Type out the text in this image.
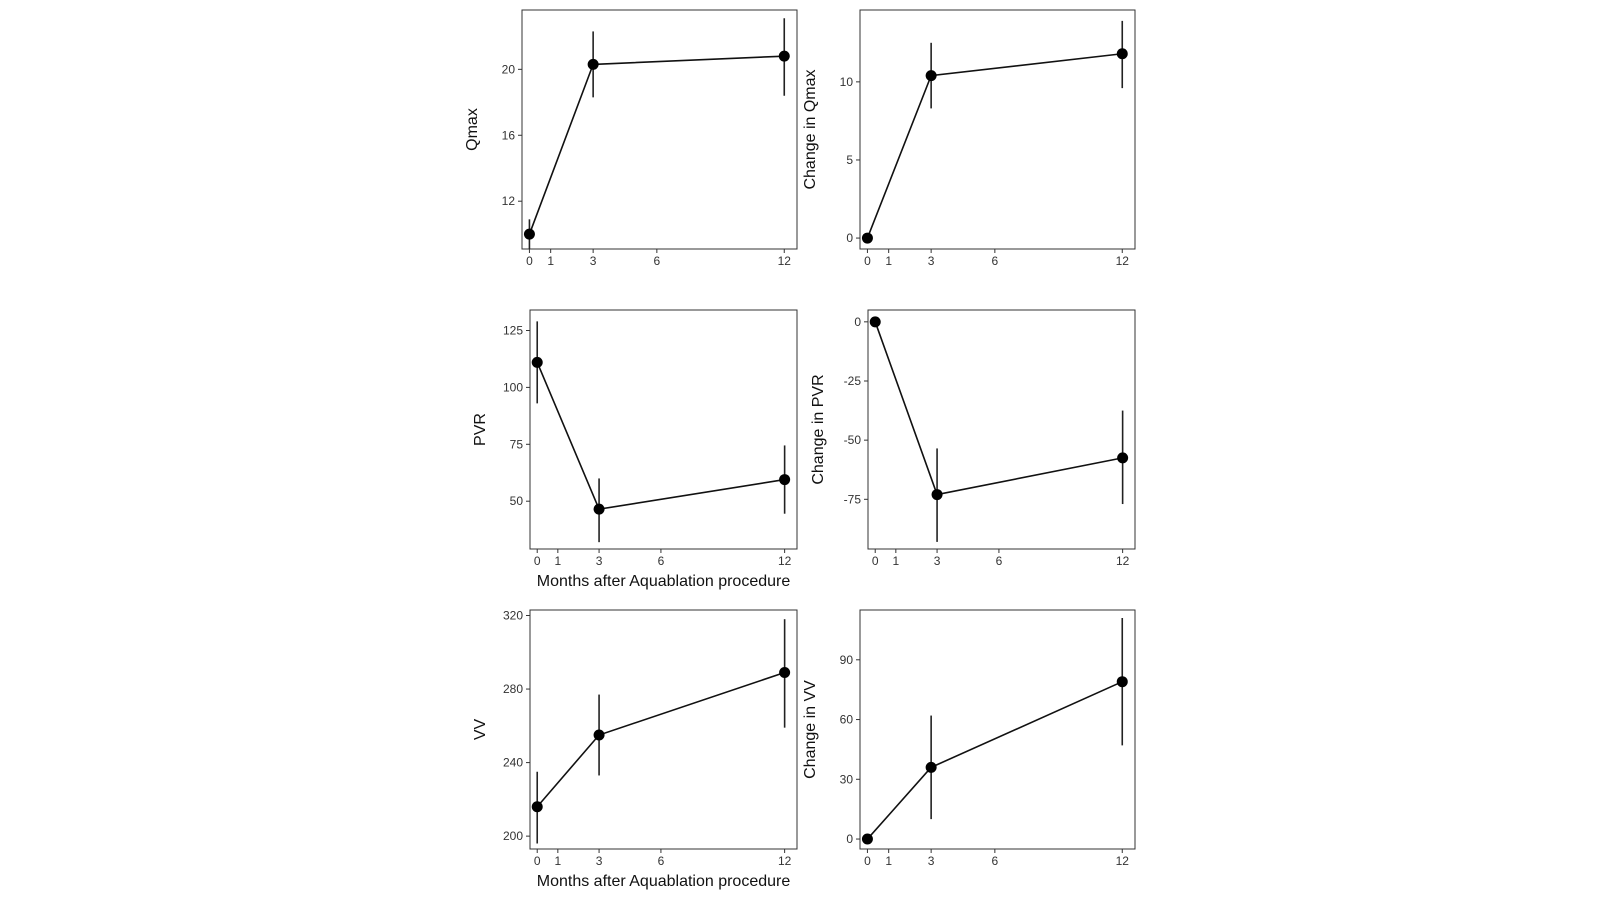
0 1	3	6	12
12
16
20
Qmax
0 1	3	6	12
0
5
10
Change in Qmax
0 1	3	6	12
50
75
100
125
PVR
Months after Aquablation procedure
0 1	3	6	12
0
-25
-50
-75
Change in PVR
0 1	3	6	12
200
240
280
320
VV
Months after Aquablation procedure
0 1	3	6	12
0
30
60
90
Change in VV
